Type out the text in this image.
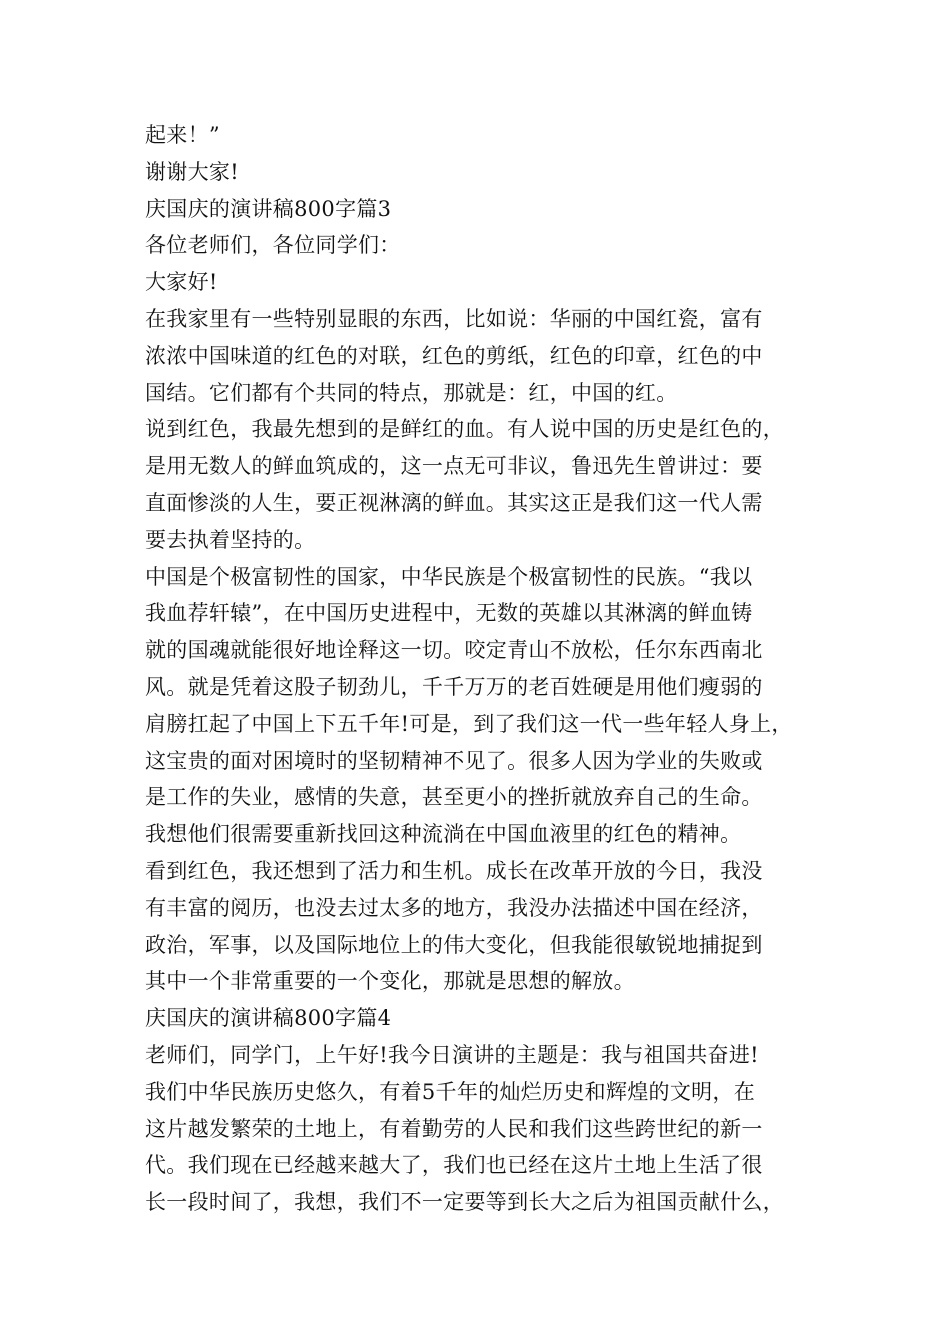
起来！”
谢谢大家!
庆国庆的演讲稿800字篇3
各位老师们，各位同学们：
大家好!
在我家里有一些特别显眼的东西，比如说：华丽的中国红瓷，富有
浓浓中国味道的红色的对联，红色的剪纸，红色的印章，红色的中
国结。它们都有个共同的特点，那就是：红，中国的红。
说到红色，我最先想到的是鲜红的血。有人说中国的历史是红色的，
是用无数人的鲜血筑成的，这一点无可非议，鲁迅先生曾讲过：要
直面惨淡的人生，要正视淋漓的鲜血。其实这正是我们这一代人需
要去执着坚持的。
中国是个极富韧性的国家，中华民族是个极富韧性的民族。“我以
我血荐轩辕”，在中国历史进程中，无数的英雄以其淋漓的鲜血铸
就的国魂就能很好地诠释这一切。咬定青山不放松，任尔东西南北
风。就是凭着这股子韧劲儿，千千万万的老百姓硬是用他们瘦弱的
肩膀扛起了中国上下五千年!可是，到了我们这一代一些年轻人身上，
这宝贵的面对困境时的坚韧精神不见了。很多人因为学业的失败或
是工作的失业，感情的失意，甚至更小的挫折就放弃自己的生命。
我想他们很需要重新找回这种流淌在中国血液里的红色的精神。
看到红色，我还想到了活力和生机。成长在改革开放的今日，我没
有丰富的阅历，也没去过太多的地方，我没办法描述中国在经济，
政治，军事，以及国际地位上的伟大变化，但我能很敏锐地捕捉到
其中一个非常重要的一个变化，那就是思想的解放。
庆国庆的演讲稿800字篇4
老师们，同学门，上午好!我今日演讲的主题是：我与祖国共奋进!
我们中华民族历史悠久，有着5千年的灿烂历史和辉煌的文明，在
这片越发繁荣的土地上，有着勤劳的人民和我们这些跨世纪的新一
代。我们现在已经越来越大了，我们也已经在这片土地上生活了很
长一段时间了，我想，我们不一定要等到长大之后为祖国贡献什么，
